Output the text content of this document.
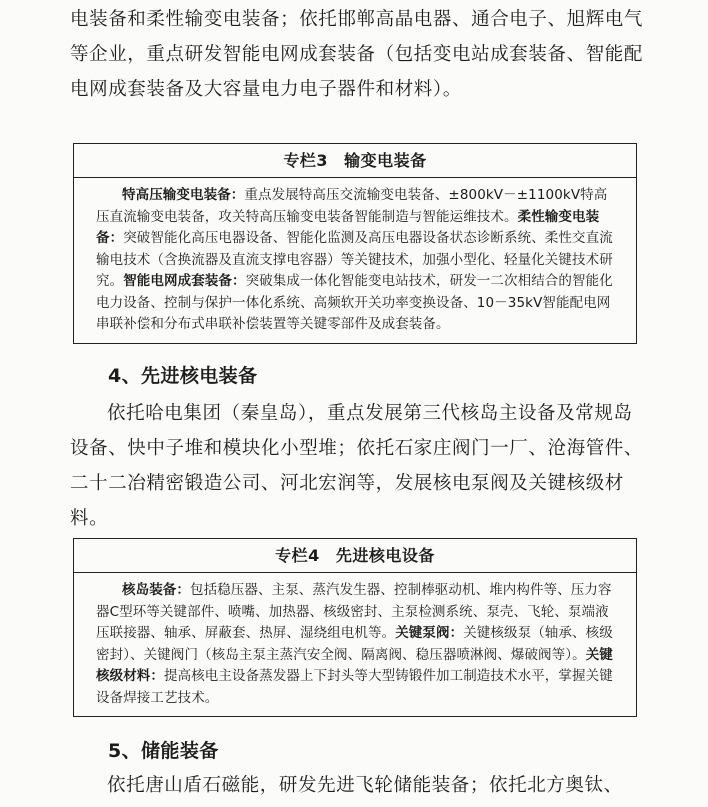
电装备和柔性输变电装备；依托邯郸高晶电器、通合电子、旭辉电气等企业，重点研发智能电网成套装备（包括变电站成套装备、智能配电网成套装备及大容量电力电子器件和材料）。

专栏3 输变电装备

特高压输变电装备：重点发展特高压交流输变电装备、±800kV－±1100kV特高压直流输变电装备，攻关特高压输变电装备智能制造与智能运维技术。柔性输变电装备：突破智能化高压电器设备、智能化监测及高压电器设备状态诊断系统、柔性交直流输电技术（含换流器及直流支撑电容器）等关键技术，加强小型化、轻量化关键技术研究。智能电网成套装备：突破集成一体化智能变电站技术，研发一二次相结合的智能化电力设备、控制与保护一体化系统、高频软开关功率变换设备、10－35kV智能配电网串联补偿和分布式串联补偿装置等关键零部件及成套装备。

4、先进核电装备

依托哈电集团（秦皇岛），重点发展第三代核岛主设备及常规岛设备、快中子堆和模块化小型堆；依托石家庄阀门一厂、沧海管件、二十二冶精密锻造公司、河北宏润等，发展核电泵阀及关键核级材料。

专栏4 先进核电设备

核岛装备：包括稳压器、主泵、蒸汽发生器、控制棒驱动机、堆内构件等、压力容器C型环等关键部件、喷嘴、加热器、核级密封、主泵检测系统、泵壳、飞轮、泵端液压联接器、轴承、屏蔽套、热屏、湿绕组电机等。关键泵阀：关键核级泵（轴承、核级密封）、关键阀门（核岛主泵主蒸汽安全阀、隔离阀、稳压器喷淋阀、爆破阀等）。关键核级材料：提高核电主设备蒸发器上下封头等大型铸锻件加工制造技术水平，掌握关键设备焊接工艺技术。

5、储能装备

依托唐山盾石磁能，研发先进飞轮储能装备；依托北方奥钛、
